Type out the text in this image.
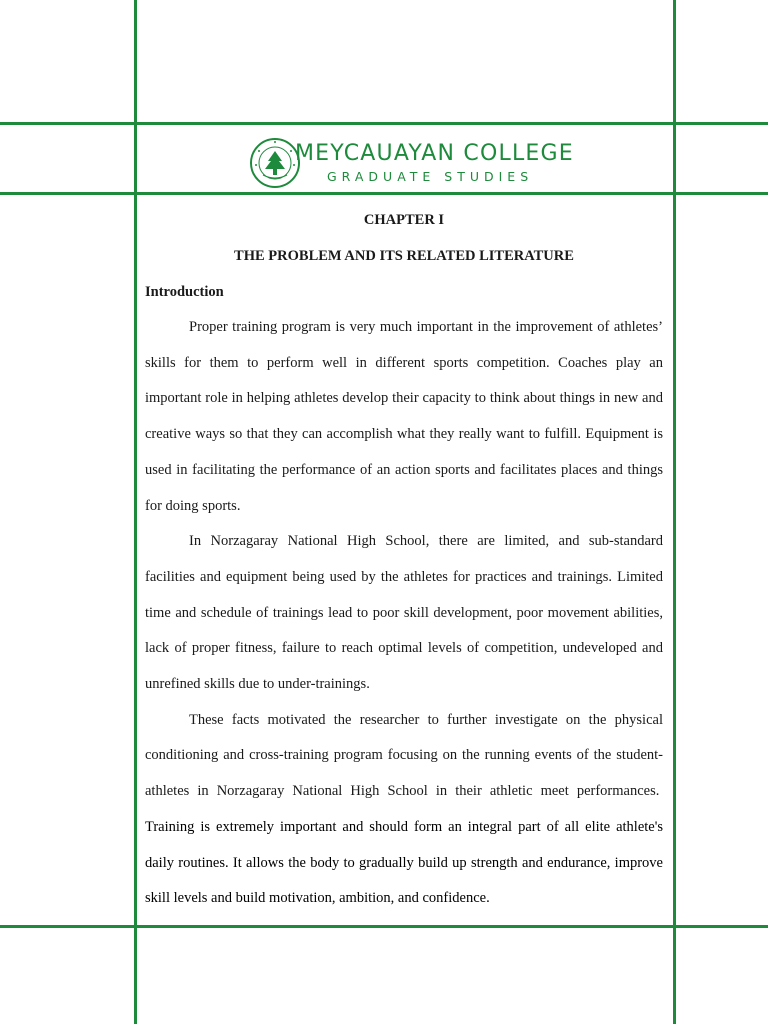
MEYCAUAYAN COLLEGE
GRADUATE STUDIES

CHAPTER I

THE PROBLEM AND ITS RELATED LITERATURE

Introduction

Proper training program is very much important in the improvement of athletes’ skills for them to perform well in different sports competition. Coaches play an important role in helping athletes develop their capacity to think about things in new and creative ways so that they can accomplish what they really want to fulfill. Equipment is used in facilitating the performance of an action sports and facilitates places and things for doing sports.

In Norzagaray National High School, there are limited, and sub-standard facilities and equipment being used by the athletes for practices and trainings. Limited time and schedule of trainings lead to poor skill development, poor movement abilities, lack of proper fitness, failure to reach optimal levels of competition, undeveloped and unrefined skills due to under-trainings.

These facts motivated the researcher to further investigate on the physical conditioning and cross-training program focusing on the running events of the student-athletes in Norzagaray National High School in their athletic meet performances.  Training is extremely important and should form an integral part of all elite athlete's daily routines. It allows the body to gradually build up strength and endurance, improve skill levels and build motivation, ambition, and confidence.
